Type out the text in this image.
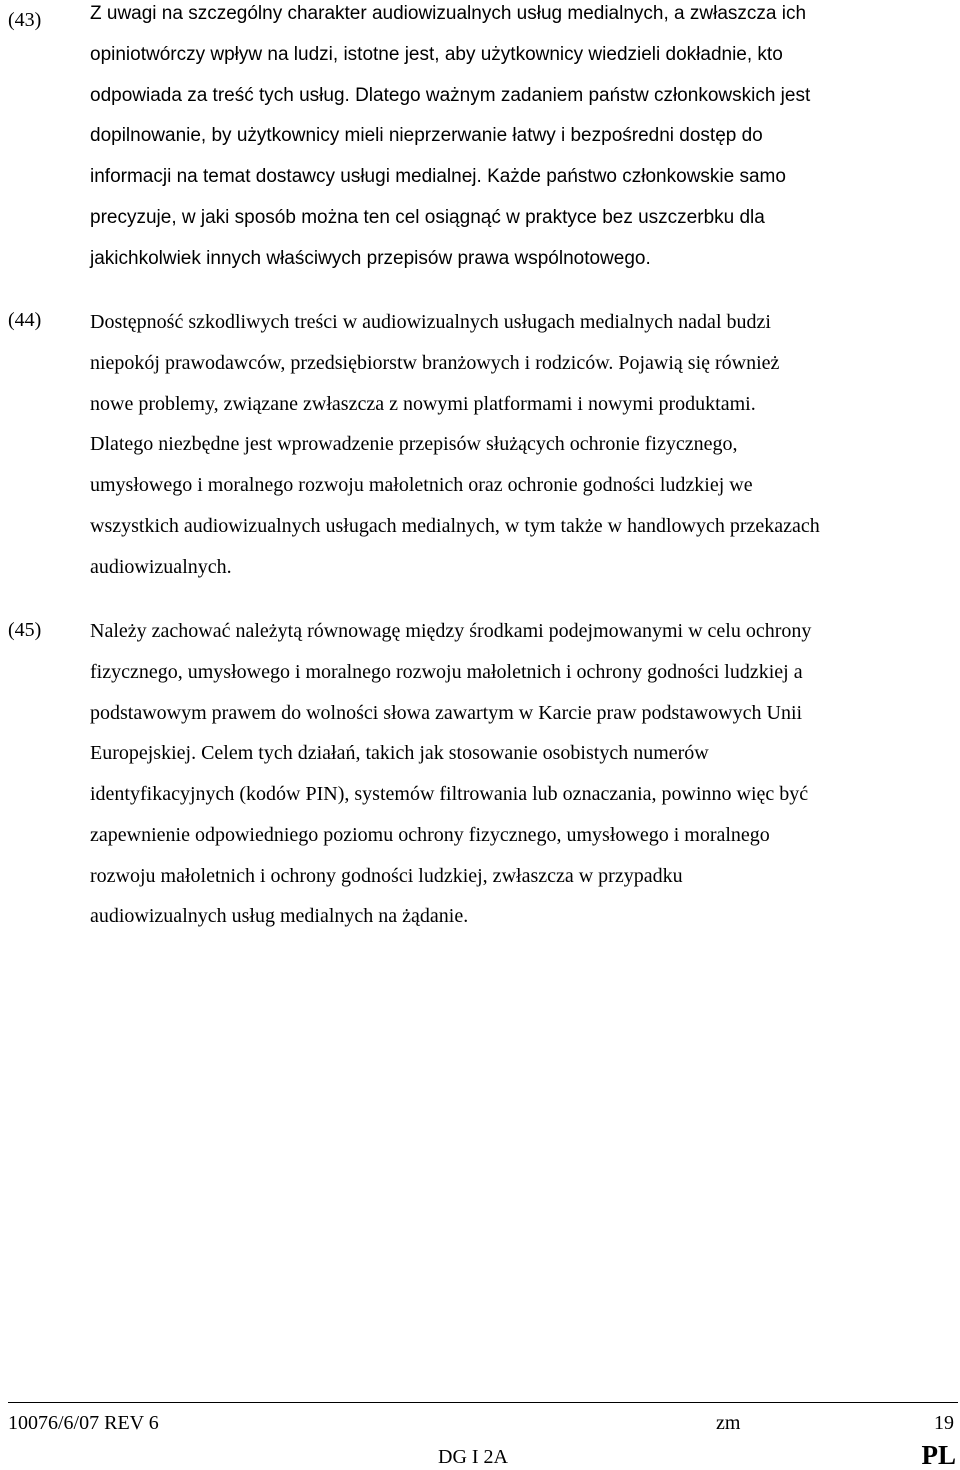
(43)	Z uwagi na szczególny charakter audiowizualnych usług medialnych, a zwłaszcza ich
opiniotwórczy wpływ na ludzi, istotne jest, aby użytkownicy wiedzieli dokładnie, kto
odpowiada za treść tych usług. Dlatego ważnym zadaniem państw członkowskich jest
dopilnowanie, by użytkownicy mieli nieprzerwanie łatwy i bezpośredni dostęp do
informacji na temat dostawcy usługi medialnej. Każde państwo członkowskie samo
precyzuje, w jaki sposób można ten cel osiągnąć w praktyce bez uszczerbku dla
jakichkolwiek innych właściwych przepisów prawa wspólnotowego.
(44) Dostępność szkodliwych treści w audiowizualnych usługach medialnych nadal budzi
niepokój prawodawców, przedsiębiorstw branżowych i rodziców. Pojawią się również
nowe problemy, związane zwłaszcza z nowymi platformami i nowymi produktami.
Dlatego niezbędne jest wprowadzenie przepisów służących ochronie fizycznego,
umysłowego i moralnego rozwoju małoletnich oraz ochronie godności ludzkiej we
wszystkich audiowizualnych usługach medialnych, w tym także w handlowych przekazach
audiowizualnych.
(45) Należy zachować należytą równowagę między środkami podejmowanymi w celu ochrony
fizycznego, umysłowego i moralnego rozwoju małoletnich i ochrony godności ludzkiej a
podstawowym prawem do wolności słowa zawartym w Karcie praw podstawowych Unii
Europejskiej. Celem tych działań, takich jak stosowanie osobistych numerów
identyfikacyjnych (kodów PIN), systemów filtrowania lub oznaczania, powinno więc być
zapewnienie odpowiedniego poziomu ochrony fizycznego, umysłowego i moralnego
rozwoju małoletnich i ochrony godności ludzkiej, zwłaszcza w przypadku
audiowizualnych usług medialnych na żądanie.
10076/6/07 REV 6	zm	19
DG I 2A	PL
